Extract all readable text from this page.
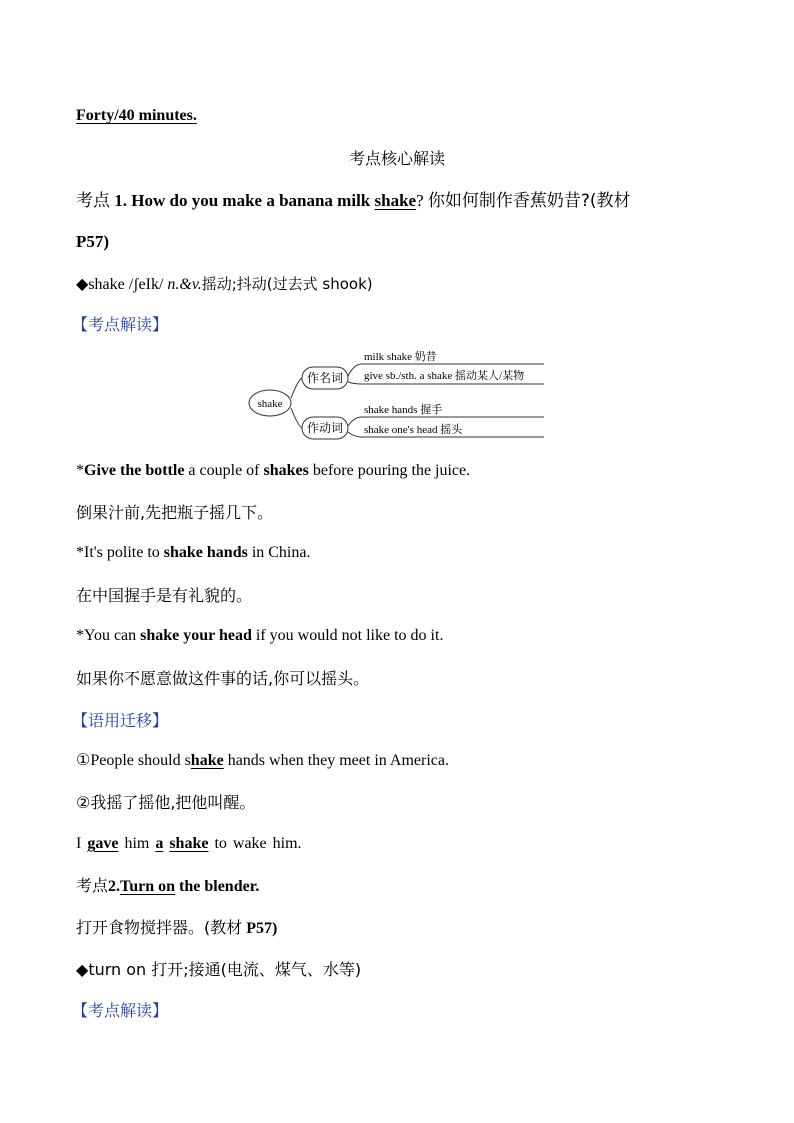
Forty/40 minutes.
考点核心解读
考点 1. How do you make a banana milk shake? 你如何制作香蕉奶昔?(教材
P57)
◆shake /ʃeIk/ n.&v.摇动;抖动(过去式 shook)
【考点解读】
shake
作名词
作动词
milk shake 奶昔
give sb./sth. a shake 摇动某人/某物
shake hands 握手
shake one's head 摇头
*Give the bottle a couple of shakes before pouring the juice.
倒果汁前,先把瓶子摇几下。
*It's polite to shake hands in China.
在中国握手是有礼貌的。
*You can shake your head if you would not like to do it.
如果你不愿意做这件事的话,你可以摇头。
【语用迁移】
①People should shake hands when they meet in America.
②我摇了摇他,把他叫醒。
I gave him a shake to wake him.
考点2.Turn on the blender.
打开食物搅拌器。(教材 P57)
◆turn on 打开;接通(电流、煤气、水等)
【考点解读】
